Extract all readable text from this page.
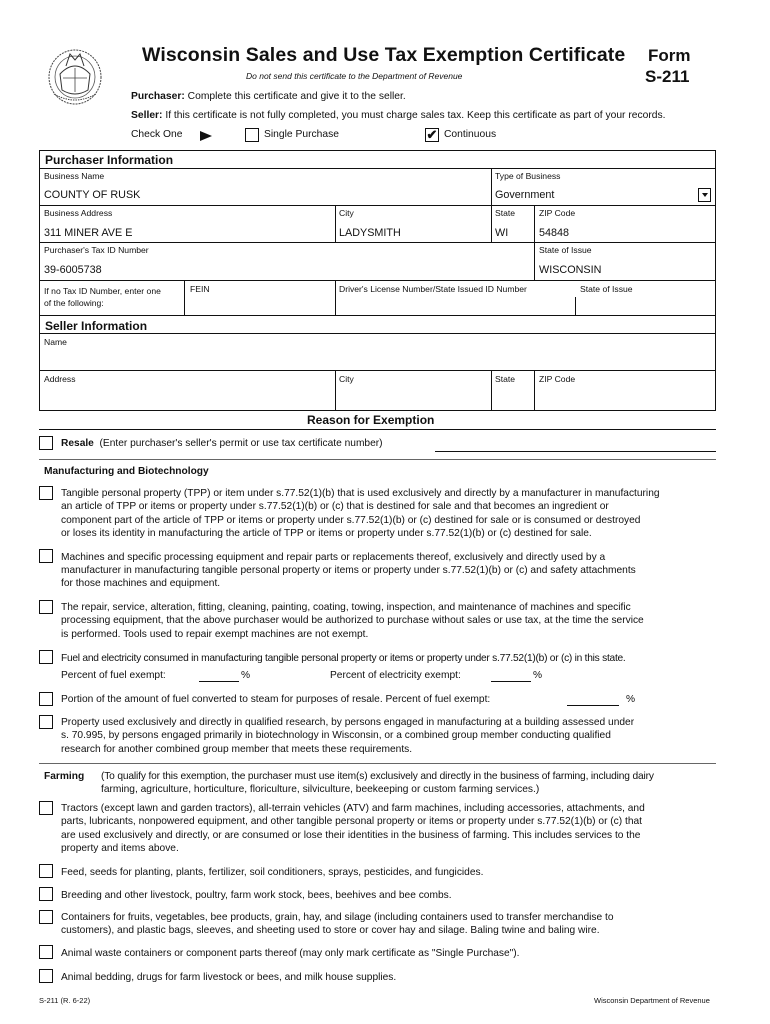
Wisconsin Sales and Use Tax Exemption Certificate
Do not send this certificate to the Department of Revenue
Form
S-211
Purchaser: Complete this certificate and give it to the seller.
Seller: If this certificate is not fully completed, you must charge sales tax. Keep this certificate as part of your records.
Check One	Single Purchase	✔ Continuous
Purchaser Information
Business Name
COUNTY OF RUSK
Type of Business
Government
Business Address
311 MINER AVE E
City
LADYSMITH
State
WI
ZIP Code
54848
Purchaser's Tax ID Number
39-6005738
State of Issue
WISCONSIN
If no Tax ID Number, enter one
of the following:
FEIN	Driver's License Number/State Issued ID Number	State of Issue
Seller Information
Name
Address	City	State	ZIP Code
Reason for Exemption
Resale (Enter purchaser's seller's permit or use tax certificate number)
Manufacturing and Biotechnology
Tangible personal property (TPP) or item under s.77.52(1)(b) that is used exclusively and directly by a manufacturer in manufacturing
an article of TPP or items or property under s.77.52(1)(b) or (c) that is destined for sale and that becomes an ingredient or
component part of the article of TPP or items or property under s.77.52(1)(b) or (c) destined for sale or is consumed or destroyed
or loses its identity in manufacturing the article of TPP or items or property under s.77.52(1)(b) or (c) destined for sale.
Machines and specific processing equipment and repair parts or replacements thereof, exclusively and directly used by a
manufacturer in manufacturing tangible personal property or items or property under s.77.52(1)(b) or (c) and safety attachments
for those machines and equipment.
The repair, service, alteration, fitting, cleaning, painting, coating, towing, inspection, and maintenance of machines and specific
processing equipment, that the above purchaser would be authorized to purchase without sales or use tax, at the time the service
is performed. Tools used to repair exempt machines are not exempt.
Fuel and electricity consumed in manufacturing tangible personal property or items or property under s.77.52(1)(b) or (c) in this state.
Percent of fuel exempt:	%	Percent of electricity exempt:	%
Portion of the amount of fuel converted to steam for purposes of resale. Percent of fuel exempt:	%
Property used exclusively and directly in qualified research, by persons engaged in manufacturing at a building assessed under
s. 70.995, by persons engaged primarily in biotechnology in Wisconsin, or a combined group member conducting qualified
research for another combined group member that meets these requirements.
Farming (To qualify for this exemption, the purchaser must use item(s) exclusively and directly in the business of farming, including dairy
farming, agriculture, horticulture, floriculture, silviculture, beekeeping or custom farming services.)
Tractors (except lawn and garden tractors), all-terrain vehicles (ATV) and farm machines, including accessories, attachments, and
parts, lubricants, nonpowered equipment, and other tangible personal property or items or property under s.77.52(1)(b) or (c) that
are used exclusively and directly, or are consumed or lose their identities in the business of farming. This includes services to the
property and items above.
Feed, seeds for planting, plants, fertilizer, soil conditioners, sprays, pesticides, and fungicides.
Breeding and other livestock, poultry, farm work stock, bees, beehives and bee combs.
Containers for fruits, vegetables, bee products, grain, hay, and silage (including containers used to transfer merchandise to
customers), and plastic bags, sleeves, and sheeting used to store or cover hay and silage. Baling twine and baling wire.
Animal waste containers or component parts thereof (may only mark certificate as "Single Purchase").
Animal bedding, drugs for farm livestock or bees, and milk house supplies.
S-211 (R. 6-22)	Wisconsin Department of Revenue
